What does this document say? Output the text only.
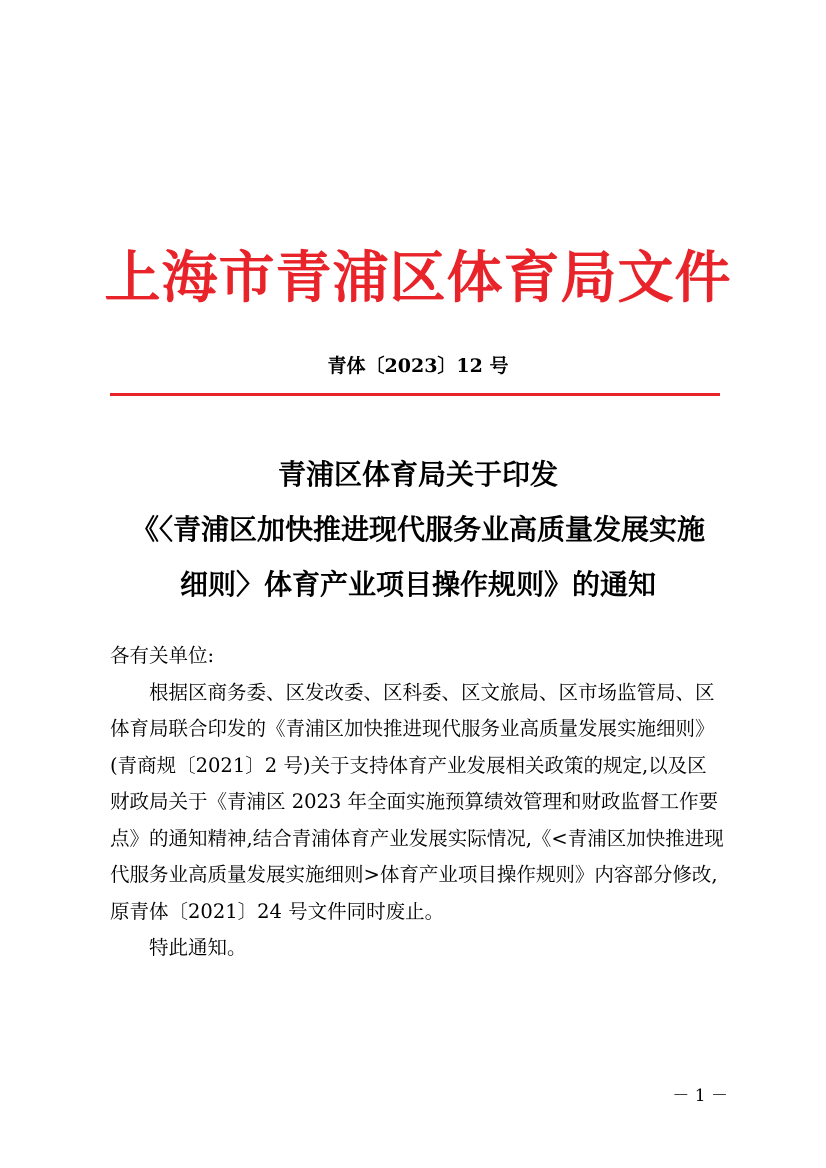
上海市青浦区体育局文件
青体〔2023〕12 号
青浦区体育局关于印发
《〈青浦区加快推进现代服务业高质量发展实施
细则〉体育产业项目操作规则》的通知

各有关单位:

根据区商务委、区发改委、区科委、区文旅局、区市场监管局、区体育局联合印发的《青浦区加快推进现代服务业高质量发展实施细则》(青商规〔2021〕2 号)关于支持体育产业发展相关政策的规定,以及区财政局关于《青浦区 2023 年全面实施预算绩效管理和财政监督工作要点》的通知精神,结合青浦体育产业发展实际情况,《<青浦区加快推进现代服务业高质量发展实施细则>体育产业项目操作规则》内容部分修改,原青体〔2021〕24 号文件同时废止。

特此通知。

－ 1 －
